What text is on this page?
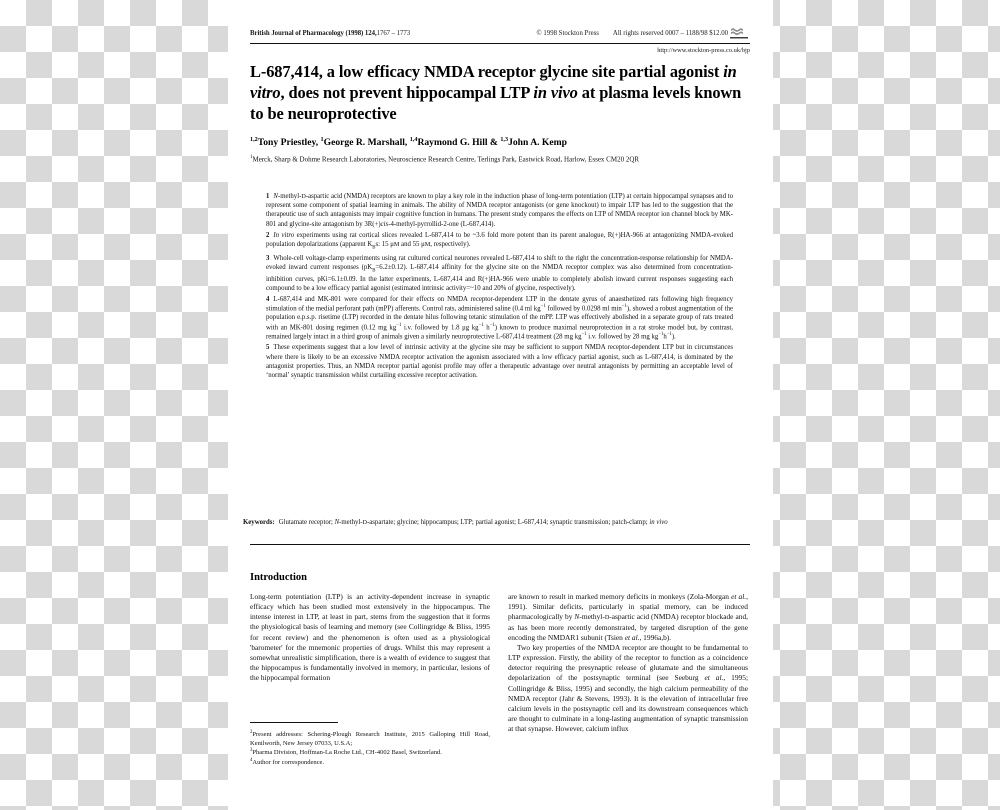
British Journal of Pharmacology (1998) 124,1767 – 1773	© 1998 Stockton Press All rights reserved 0007 – 1188/98 $12.00
http://www.stockton-press.co.uk/bjp
L-687,414, a low efficacy NMDA receptor glycine site partial agonist in vitro, does not prevent hippocampal LTP in vivo at plasma levels known to be neuroprotective
$^{1,2}$Tony Priestley, $^1$George R. Marshall, $^{1,4}$Raymond G. Hill & $^{1,3}$John A. Kemp
$^1$Merck, Sharp & Dohme Research Laboratories, Neuroscience Research Centre, Terlings Park, Eastwick Road, Harlow, Essex CM20 2QR
1 N-methyl-D-aspartic acid (NMDA) receptors are known to play a key role in the induction phase of long-term potentiation (LTP) at certain hippocampal synapses and to represent some component of spatial learning in animals. The ability of NMDA receptor antagonists (or gene knockout) to impair LTP has led to the suggestion that the therapeutic use of such antagonists may impair cognitive function in humans. The present study compares the effects on LTP of NMDA receptor ion channel block by MK-801 and glycine-site antagonism by 3R(+)cis-4-methyl-pyrrollid-2-one (L-687,414).
2 In vitro experiments using rat cortical slices revealed L-687,414 to be ~3.6 fold more potent than its parent analogue, R(+)HA-966 at antagonizing NMDA-evoked population depolarizations (apparent $K_Bs$: 15 μM and 55 μM, respectively).
3 Whole-cell voltage-clamp experiments using rat cultured cortical neurones revealed L-687,414 to shift to the right the concentration-response relationship for NMDA-evoked inward current responses $(pK_B=6.2\pm 0.12)$. L-687,414 affinity for the glycine site on the NMDA receptor complex was also determined from concentration-inhibition curves, pKi=6.1±0.09. In the latter experiments, L-687,414 and R(+)HA-966 were unable to completely abolish inward current responses suggesting each compound to be a low efficacy partial agonist (estimated intrinsic activity=~10 and 20% of glycine, respectively).
4 L-687,414 and MK-801 were compared for their effects on NMDA receptor-dependent LTP in the dentate gyrus of anaesthetized rats following high frequency stimulation of the medial perforant path (mPP) afferents. Control rats, administered saline (0.4 ml $kg^{-1}$ followed by 0.0298 ml $\min^{-1}$), showed a robust augmentation of the population e.p.s.p. risetime (LTP) recorded in the dentate hilus following tetanic stimulation of the mPP. LTP was effectively abolished in a separate group of rats treated with an MK-801 dosing regimen (0.12 mg $kg^{-1}$ i.v. followed by 1.8 μg $kg^{-1}$ $h^{-1}$) known to produce maximal neuroprotection in a rat stroke model but, by contrast, remained largely intact in a third group of animals given a similarly neuroprotective L-687,414 treatment (28 mg $kg^{-1}$ i.v. followed by 28 mg $kg^{-1}h^{-1}$).
5 These experiments suggest that a low level of intrinsic activity at the glycine site may be sufficient to support NMDA receptor-dependent LTP but in circumstances where there is likely to be an excessive NMDA receptor activation the agonism associated with a low efficacy partial agonist, such as L-687,414, is dominated by the antagonist properties. Thus, an NMDA receptor partial agonist profile may offer a therapeutic advantage over neutral antagonists by permitting an acceptable level of ‘normal’ synaptic transmission whilst curtailing excessive receptor activation.
Keywords: Glutamate receptor; N-methyl-D-aspartate; glycine; hippocampus; LTP; partial agonist; L-687,414; synaptic transmission; patch-clamp; in vivo
Introduction

Long-term potentiation (LTP) is an activity-dependent increase in synaptic efficacy which has been studied most extensively in the hippocampus. The intense interest in LTP, at least in part, stems from the suggestion that it forms the physiological basis of learning and memory (see Collingridge & Bliss, 1995 for recent review) and the phenomenon is often used as a physiological 'barometer' for the mnemonic properties of drugs. Whilst this may represent a somewhat unrealistic simplification, there is a wealth of evidence to suggest that the hippocampus is fundamentally involved in memory, in particular, lesions of the hippocampal formation

are known to result in marked memory deficits in monkeys (Zola-Morgan et al., 1991). Similar deficits, particularly in spatial memory, can be induced pharmacologically by N-methyl-D-aspartic acid (NMDA) receptor blockade and, as has been more recently demonstrated, by targeted disruption of the gene encoding the NMDAR1 subunit (Tsien et al., 1996a,b).

Two key properties of the NMDA receptor are thought to be fundamental to LTP expression. Firstly, the ability of the receptor to function as a coincidence detector requiring the presynaptic release of glutamate and the simultaneous depolarization of the postsynaptic terminal (see Seeburg et al., 1995; Collingridge & Bliss, 1995) and secondly, the high calcium permeability of the NMDA receptor (Jahr & Stevens, 1993). It is the elevation of intracellular free calcium levels in the postsynaptic cell and its downstream consequences which are thought to culminate in a long-lasting augmentation of synaptic transmission at that synapse. However, calcium influx

$^2$Present addresses: Schering-Plough Research Institute, 2015 Galloping Hill Road, Kenilworth, New Jersey 07033, U.S.A;

$^3$Pharma Division, Hoffman-La Roche Ltd., CH-4002 Basel, Switzerland.

$^4$Author for correspondence.
